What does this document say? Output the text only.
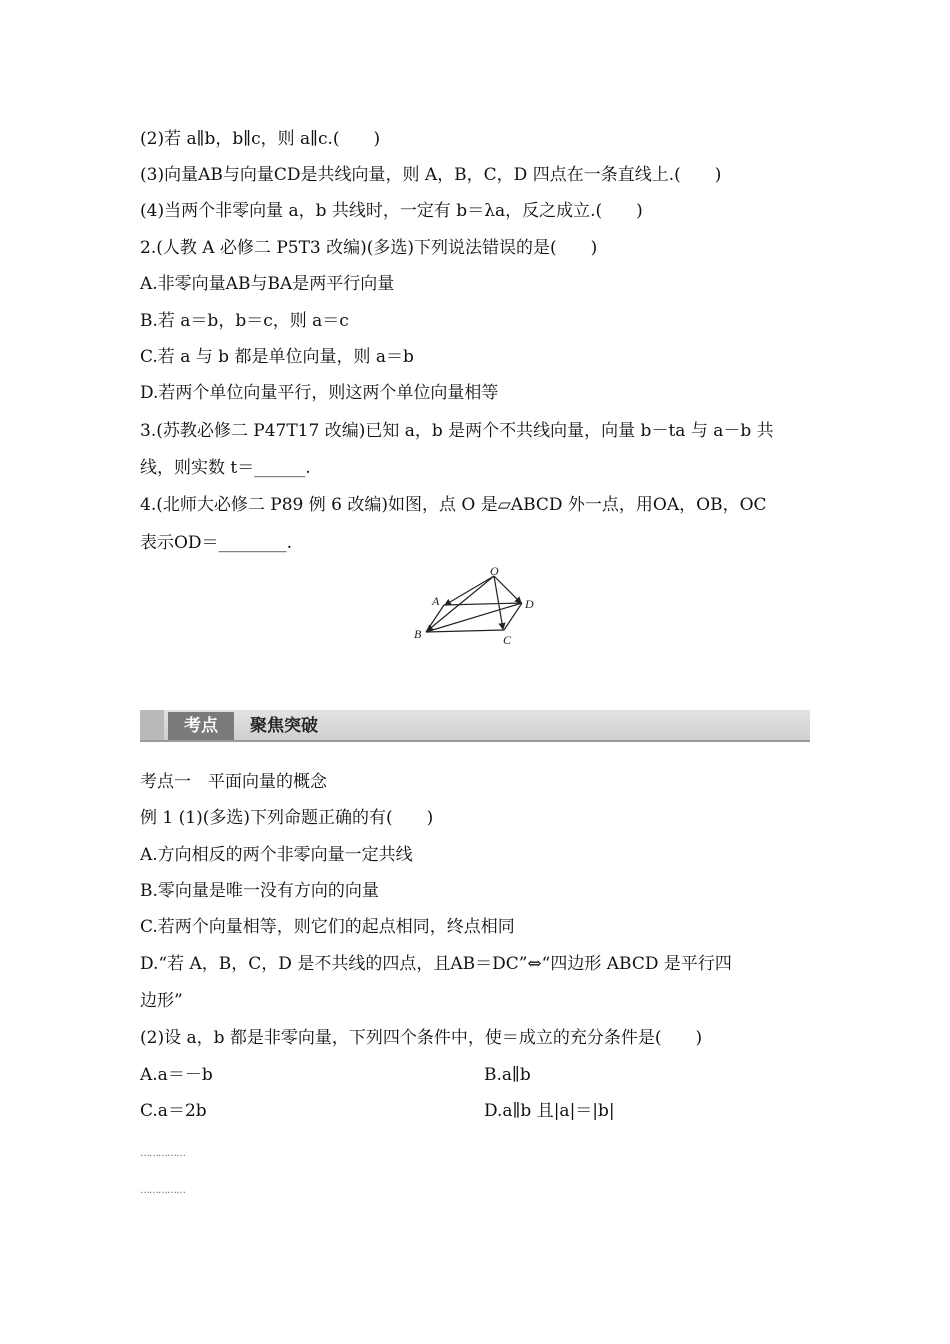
(2)若 a∥b，b∥c，则 a∥c.(　　)
(3)向量AB与向量CD是共线向量，则 A，B，C，D 四点在一条直线上.(　　)
(4)当两个非零向量 a，b 共线时，一定有 b＝λa，反之成立.(　　)
2.(人教 A 必修二 P5T3 改编)(多选)下列说法错误的是(　　)
A.非零向量AB与BA是两平行向量
B.若 a＝b，b＝c，则 a＝c
C.若 a 与 b 都是单位向量，则 a＝b
D.若两个单位向量平行，则这两个单位向量相等
3.(苏教必修二 P47T17 改编)已知 a，b 是两个不共线向量，向量 b－ta 与 a－b 共
线，则实数 t＝______.
4.(北师大必修二 P89 例 6 改编)如图，点 O 是▱ABCD 外一点，用OA，OB，OC
表示OD＝________.
O
A
B	C
D
考点	聚焦突破
考点一　平面向量的概念
例 1 (1)(多选)下列命题正确的有(　　)
A.方向相反的两个非零向量一定共线
B.零向量是唯一没有方向的向量
C.若两个向量相等，则它们的起点相同，终点相同
D.“若 A，B，C，D 是不共线的四点，且AB＝DC”⇔“四边形 ABCD 是平行四
边形”
(2)设 a，b 都是非零向量，下列四个条件中，使＝成立的充分条件是(　　)
A.a＝－b	B.a∥b
C.a＝2b	D.a∥b 且|a|＝|b|
……………
……………
